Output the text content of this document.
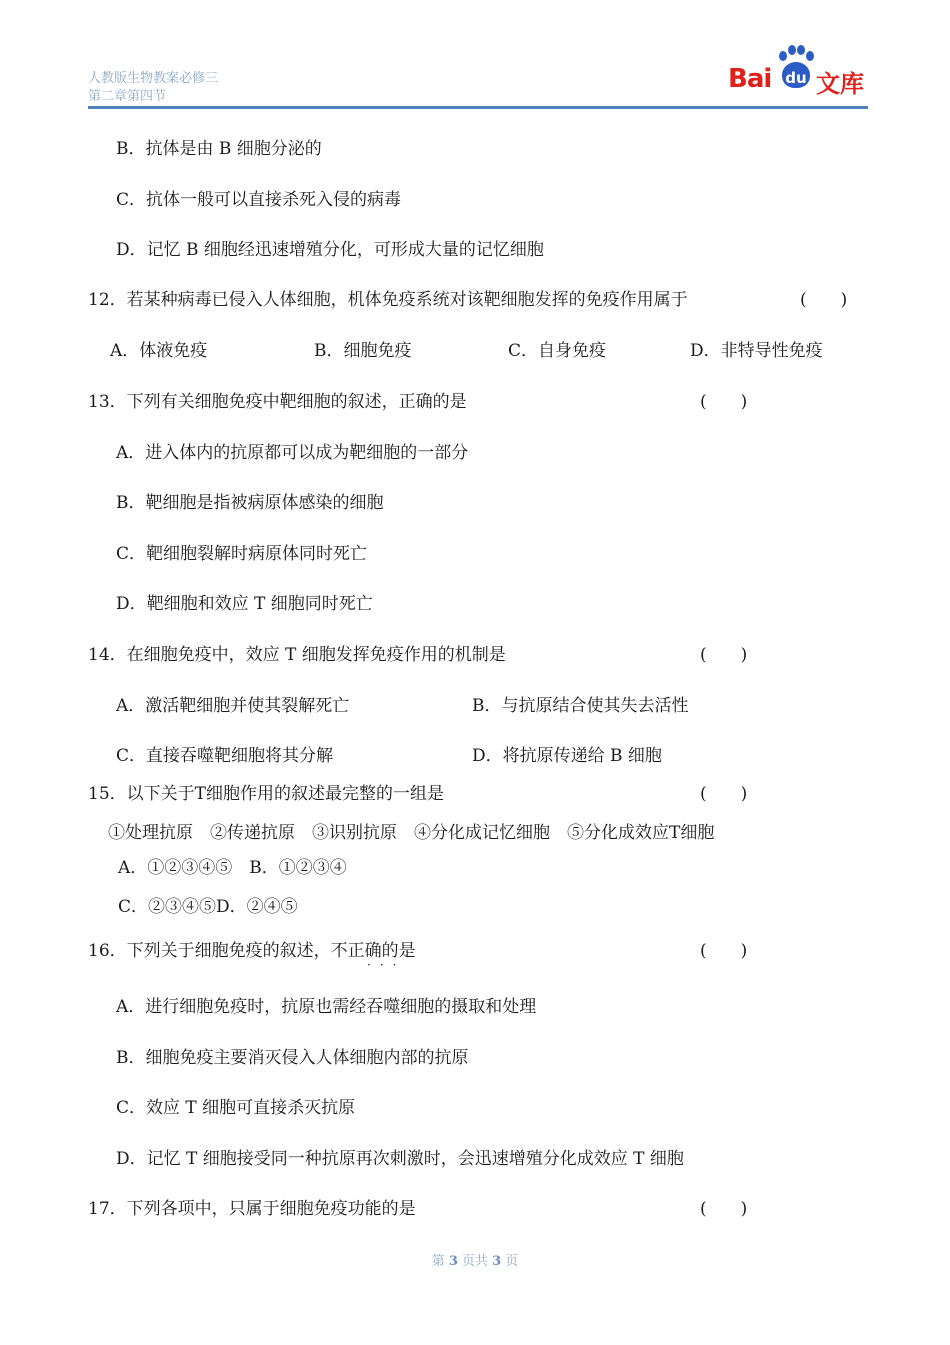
人教版生物教案必修三
第二章第四节
Bai du 文库
B．抗体是由 B 细胞分泌的
C．抗体一般可以直接杀死入侵的病毒
D．记忆 B 细胞经迅速增殖分化，可形成大量的记忆细胞
12．若某种病毒已侵入人体细胞，机体免疫系统对该靶细胞发挥的免疫作用属于	(　　)
A．体液免疫	B．细胞免疫	C．自身免疫	D．非特导性免疫
13．下列有关细胞免疫中靶细胞的叙述，正确的是	(　　)
A．进入体内的抗原都可以成为靶细胞的一部分
B．靶细胞是指被病原体感染的细胞
C．靶细胞裂解时病原体同时死亡
D．靶细胞和效应 T 细胞同时死亡
14．在细胞免疫中，效应 T 细胞发挥免疫作用的机制是	(　　)
A．激活靶细胞并使其裂解死亡	B．与抗原结合使其失去活性
C．直接吞噬靶细胞将其分解	D．将抗原传递给 B 细胞
15．以下关于T细胞作用的叙述最完整的一组是	(　　)
①处理抗原　②传递抗原　③识别抗原　④分化成记忆细胞　⑤分化成效应T细胞
A．①②③④⑤　B．①②③④
C．②③④⑤D．②④⑤
16．下列关于细胞免疫的叙述，不正确的是
···
(　　)
A．进行细胞免疫时，抗原也需经吞噬细胞的摄取和处理
B．细胞免疫主要消灭侵入人体细胞内部的抗原
C．效应 T 细胞可直接杀灭抗原
D．记忆 T 细胞接受同一种抗原再次刺激时，会迅速增殖分化成效应 T 细胞
17．下列各项中，只属于细胞免疫功能的是	(　　)
第 3 页共 3 页
